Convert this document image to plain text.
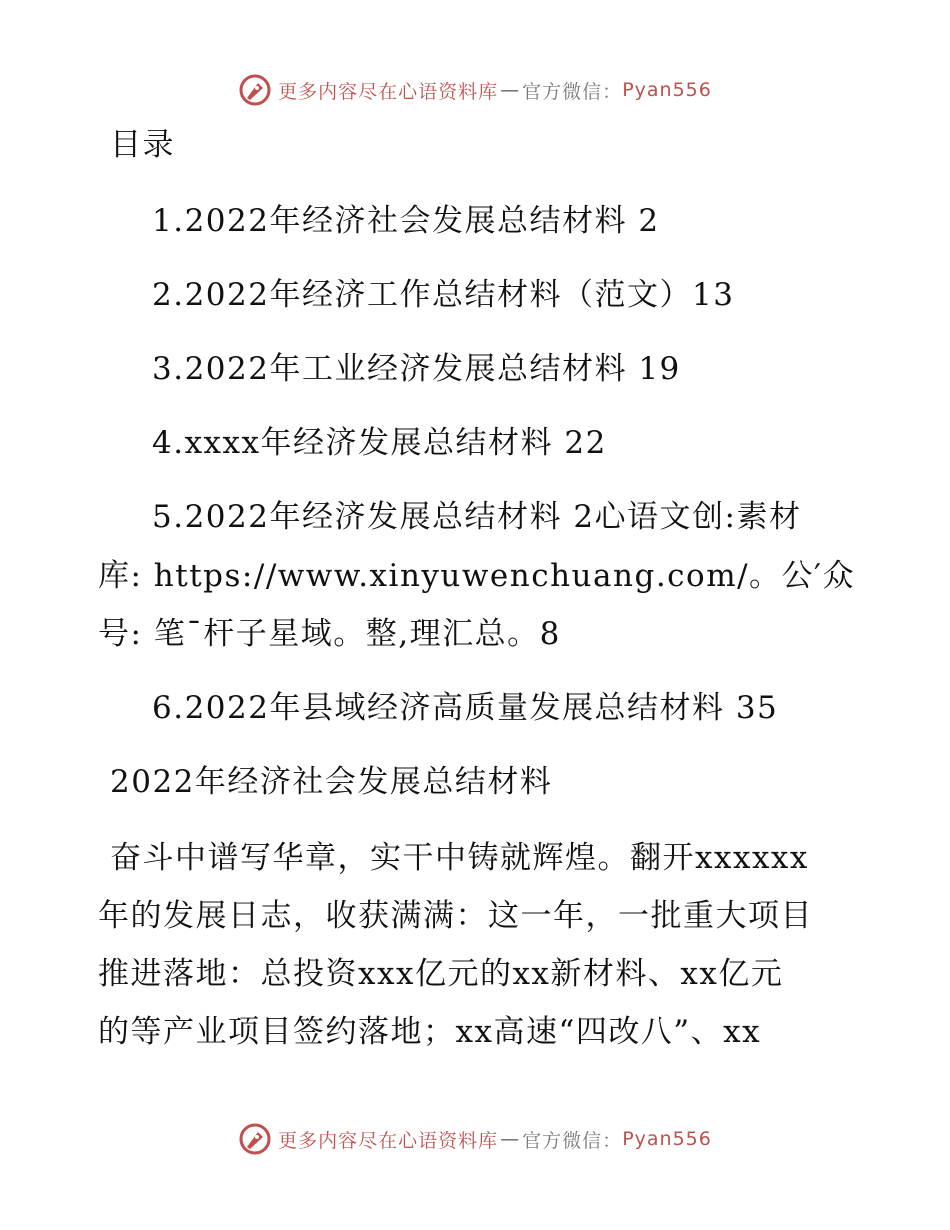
更多内容尽在心语资料库 — 官方微信： Pyan556
目录
1.2022年经济社会发展总结材料 2
2.2022年经济工作总结材料（范文）13
3.2022年工业经济发展总结材料 19
4.xxxx年经济发展总结材料 22
5.2022年经济发展总结材料 2心语文创:素材
库: https://www.xinyuwenchuang.com/。公′众
号: 笔¯杆子星域。整,理汇总。8
6.2022年县域经济高质量发展总结材料 35
2022年经济社会发展总结材料
奋斗中谱写华章，实干中铸就辉煌。翻开xxxxxx
年的发展日志，收获满满：这一年，一批重大项目
推进落地：总投资xxx亿元的xx新材料、xx亿元
的等产业项目签约落地；xx高速“四改八”、xx
更多内容尽在心语资料库 — 官方微信： Pyan556
